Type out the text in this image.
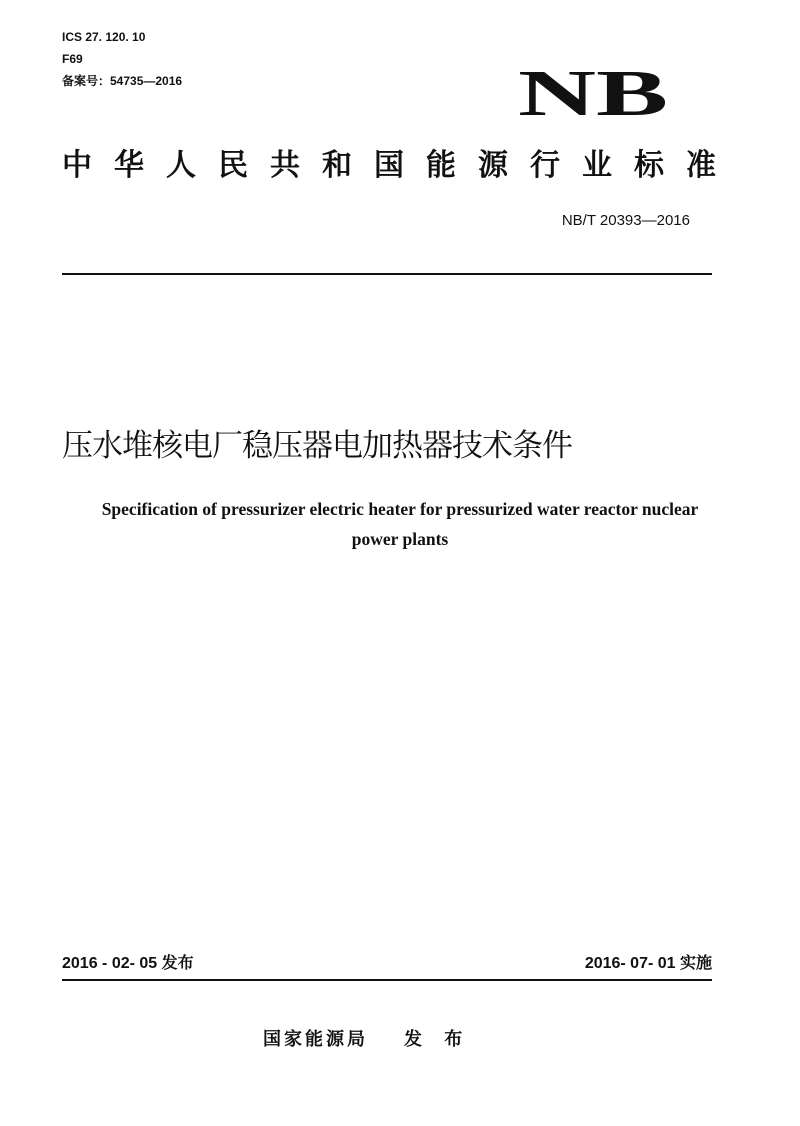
ICS 27. 120. 10
F69
备案号：54735—2016	NB
中 华 人 民 共 和 国 能 源 行 业 标 准
NB/T 20393—2016
压水堆核电厂稳压器电加热器技术条件
Specification of pressurizer electric heater for pressurized water reactor nuclear
power plants
2016 - 02- 05 发布	2016- 07- 01 实施
国家能源局 发 布
